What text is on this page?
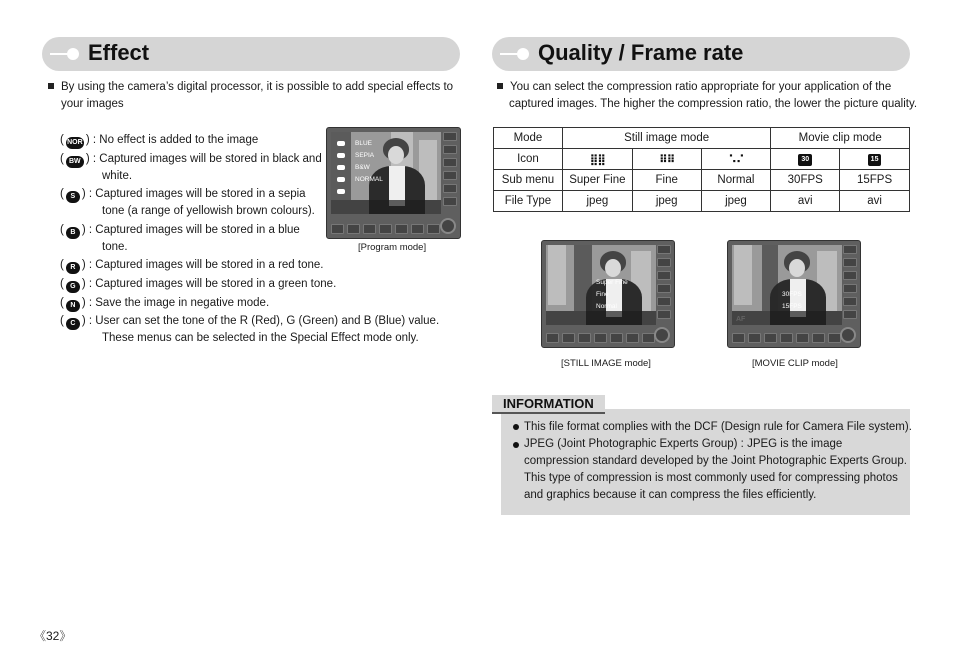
Effect
By using the camera’s digital processor, it is possible to add special effects to
your images
( NOR ) : No effect is added to the image
( BW ) : Captured images will be stored in black and
white.
( S ) : Captured images will be stored in a sepia
tone (a range of yellowish brown colours).
( B ) : Captured images will be stored in a blue
tone.
( R ) : Captured images will be stored in a red tone.
( G ) : Captured images will be stored in a green tone.
( N ) : Save the image in negative mode.
( C ) : User can set the tone of the R (Red), G (Green) and B (Blue) value.
These menus can be selected in the Special Effect mode only.
BLUE
SEPIA
B&W
NORMAL
[Program mode]
Quality / Frame rate
You can select the compression ratio appropriate for your application of the
captured images. The higher the compression ratio, the lower the picture quality.
Mode	Still image mode			Movie clip mode	
Icon	⣿⣿	⠿⠿	⠡⠌	30	15
Sub menu	Super Fine	Fine	Normal	30FPS	15FPS
File Type	jpeg	jpeg	jpeg	avi	avi
Super Fine
Fine
Normal
[STILL IMAGE mode]
30FPS
15FPS
[MOVIE CLIP mode]
INFORMATION
This file format complies with the DCF (Design rule for Camera File system).
JPEG (Joint Photographic Experts Group) : JPEG is the image
compression standard developed by the Joint Photographic Experts Group.
This type of compression is most commonly used for compressing photos
and graphics because it can compress the files efficiently.
《32》
